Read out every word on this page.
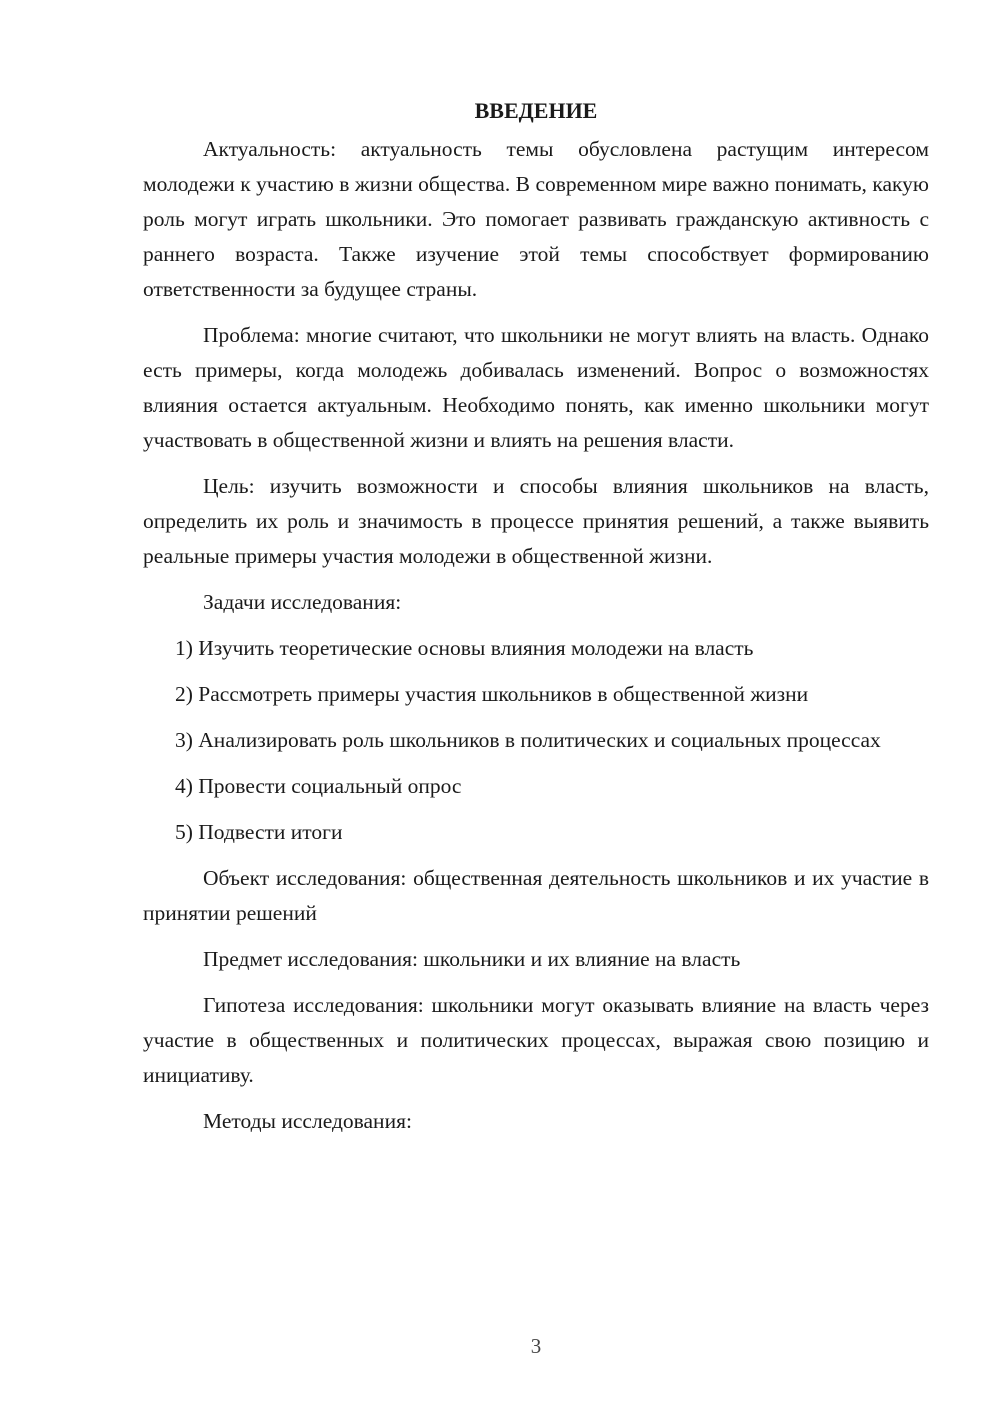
ВВЕДЕНИЕ

Актуальность: актуальность темы обусловлена растущим интересом молодежи к участию в жизни общества. В современном мире важно понимать, какую роль могут играть школьники. Это помогает развивать гражданскую активность с раннего возраста. Также изучение этой темы способствует формированию ответственности за будущее страны.

Проблема: многие считают, что школьники не могут влиять на власть. Однако есть примеры, когда молодежь добивалась изменений. Вопрос о возможностях влияния остается актуальным. Необходимо понять, как именно школьники могут участвовать в общественной жизни и влиять на решения власти.

Цель: изучить возможности и способы влияния школьников на власть, определить их роль и значимость в процессе принятия решений, а также выявить реальные примеры участия молодежи в общественной жизни.

Задачи исследования:

1) Изучить теоретические основы влияния молодежи на власть

2) Рассмотреть примеры участия школьников в общественной жизни

3) Анализировать роль школьников в политических и социальных процессах

4) Провести социальный опрос

5) Подвести итоги

Объект исследования: общественная деятельность школьников и их участие в принятии решений

Предмет исследования: школьники и их влияние на власть

Гипотеза исследования: школьники могут оказывать влияние на власть через участие в общественных и политических процессах, выражая свою позицию и инициативу.

Методы исследования:

3
